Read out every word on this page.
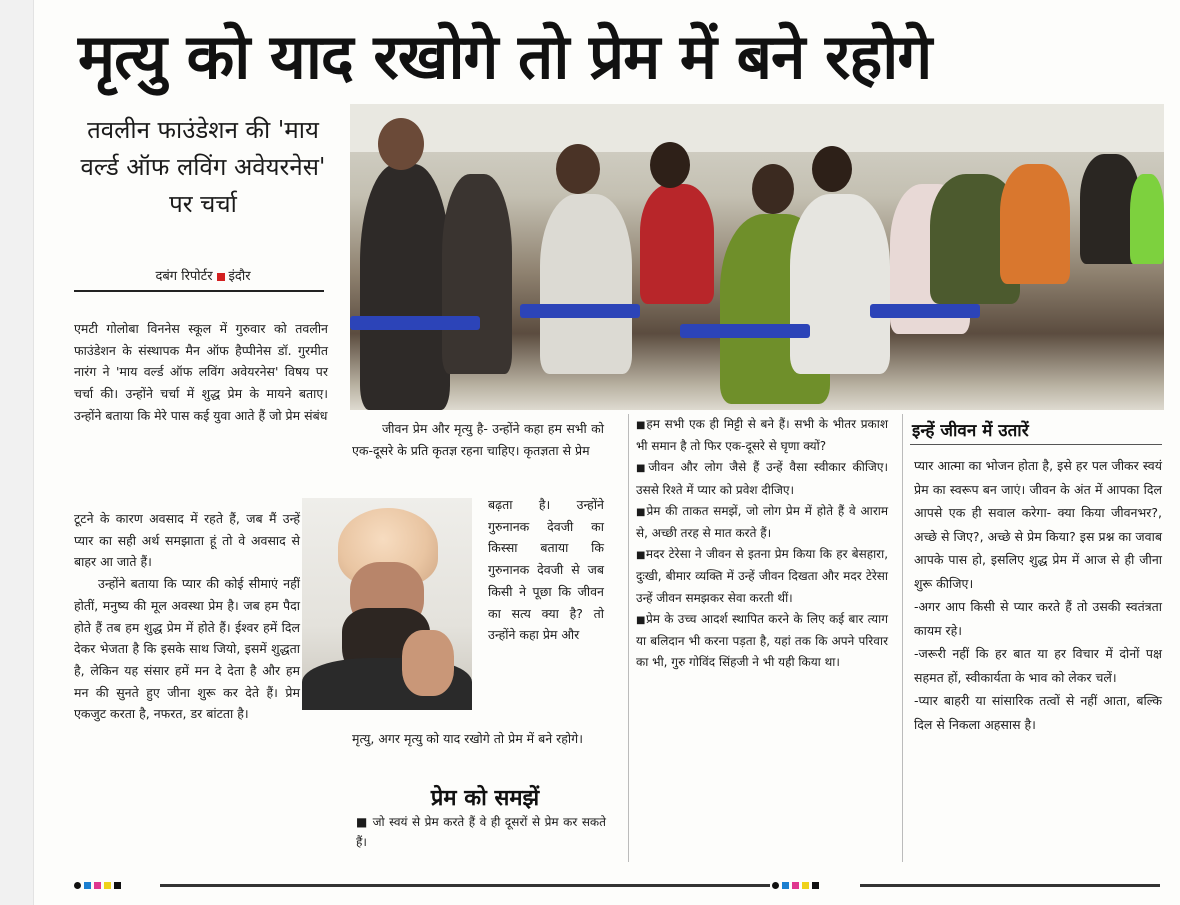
मृत्यु को याद रखोगे तो प्रेम में बने रहोगे
तवलीन फाउंडेशन की 'माय वर्ल्ड ऑफ लविंग अवेयरनेस' पर चर्चा
दबंग रिपोर्टर इंदौर

एमटी गोलोबा विननेस स्कूल में गुरुवार को तवलीन फाउंडेशन के संस्थापक मैन ऑफ हैप्पीनेस डॉ. गुरमीत नारंग ने 'माय वर्ल्ड ऑफ लविंग अवेयरनेस' विषय पर चर्चा की। उन्होंने चर्चा में शुद्ध प्रेम के मायने बताए। उन्होंने बताया कि मेरे पास कई युवा आते हैं जो प्रेम संबंध

टूटने के कारण अवसाद में रहते हैं, जब मैं उन्हें प्यार का सही अर्थ समझाता हूं तो वे अवसाद से बाहर आ जाते हैं।

उन्होंने बताया कि प्यार की कोई सीमाएं नहीं होतीं, मनुष्य की मूल अवस्था प्रेम है। जब हम पैदा होते हैं तब हम शुद्ध प्रेम में होते हैं। ईश्वर हमें दिल देकर भेजता है कि इसके साथ जियो, इसमें शुद्धता है, लेकिन यह संसार हमें मन दे देता है और हम मन की सुनते हुए जीना शुरू कर देते हैं। प्रेम एकजुट करता है, नफरत, डर बांटता है।

जीवन प्रेम और मृत्यु है- उन्होंने कहा हम सभी को एक-दूसरे के प्रति कृतज्ञ रहना चाहिए। कृतज्ञता से प्रेम

बढ़ता है। उन्होंने गुरुनानक देवजी का किस्सा बताया कि गुरुनानक देवजी से जब किसी ने पूछा कि जीवन का सत्य क्या है? तो उन्होंने कहा प्रेम और

मृत्यु, अगर मृत्यु को याद रखोगे तो प्रेम में बने रहोगे।

प्रेम को समझें

■ जो स्वयं से प्रेम करते हैं वे ही दूसरों से प्रेम कर सकते हैं।

■ हम सभी एक ही मिट्टी से बने हैं। सभी के भीतर प्रकाश भी समान है तो फिर एक-दूसरे से घृणा क्यों?

■ जीवन और लोग जैसे हैं उन्हें वैसा स्वीकार कीजिए। उससे रिश्ते में प्यार को प्रवेश दीजिए।

■ प्रेम की ताकत समझें, जो लोग प्रेम में होते हैं वे आराम से, अच्छी तरह से मात करते हैं।

■ मदर टेरेसा ने जीवन से इतना प्रेम किया कि हर बेसहारा, दुःखी, बीमार व्यक्ति में उन्हें जीवन दिखता और मदर टेरेसा उन्हें जीवन समझकर सेवा करती थीं।

■ प्रेम के उच्च आदर्श स्थापित करने के लिए कई बार त्याग या बलिदान भी करना पड़ता है, यहां तक कि अपने परिवार का भी, गुरु गोविंद सिंहजी ने भी यही किया था।

इन्हें जीवन में उतारें

प्यार आत्मा का भोजन होता है, इसे हर पल जीकर स्वयं प्रेम का स्वरूप बन जाएं। जीवन के अंत में आपका दिल आपसे एक ही सवाल करेगा- क्या किया जीवनभर?, अच्छे से जिए?, अच्छे से प्रेम किया? इस प्रश्न का जवाब आपके पास हो, इसलिए शुद्ध प्रेम में आज से ही जीना शुरू कीजिए।

-अगर आप किसी से प्यार करते हैं तो उसकी स्वतंत्रता कायम रहे।

-जरूरी नहीं कि हर बात या हर विचार में दोनों पक्ष सहमत हों, स्वीकार्यता के भाव को लेकर चलें।

-प्यार बाहरी या सांसारिक तत्वों से नहीं आता, बल्कि दिल से निकला अहसास है।
